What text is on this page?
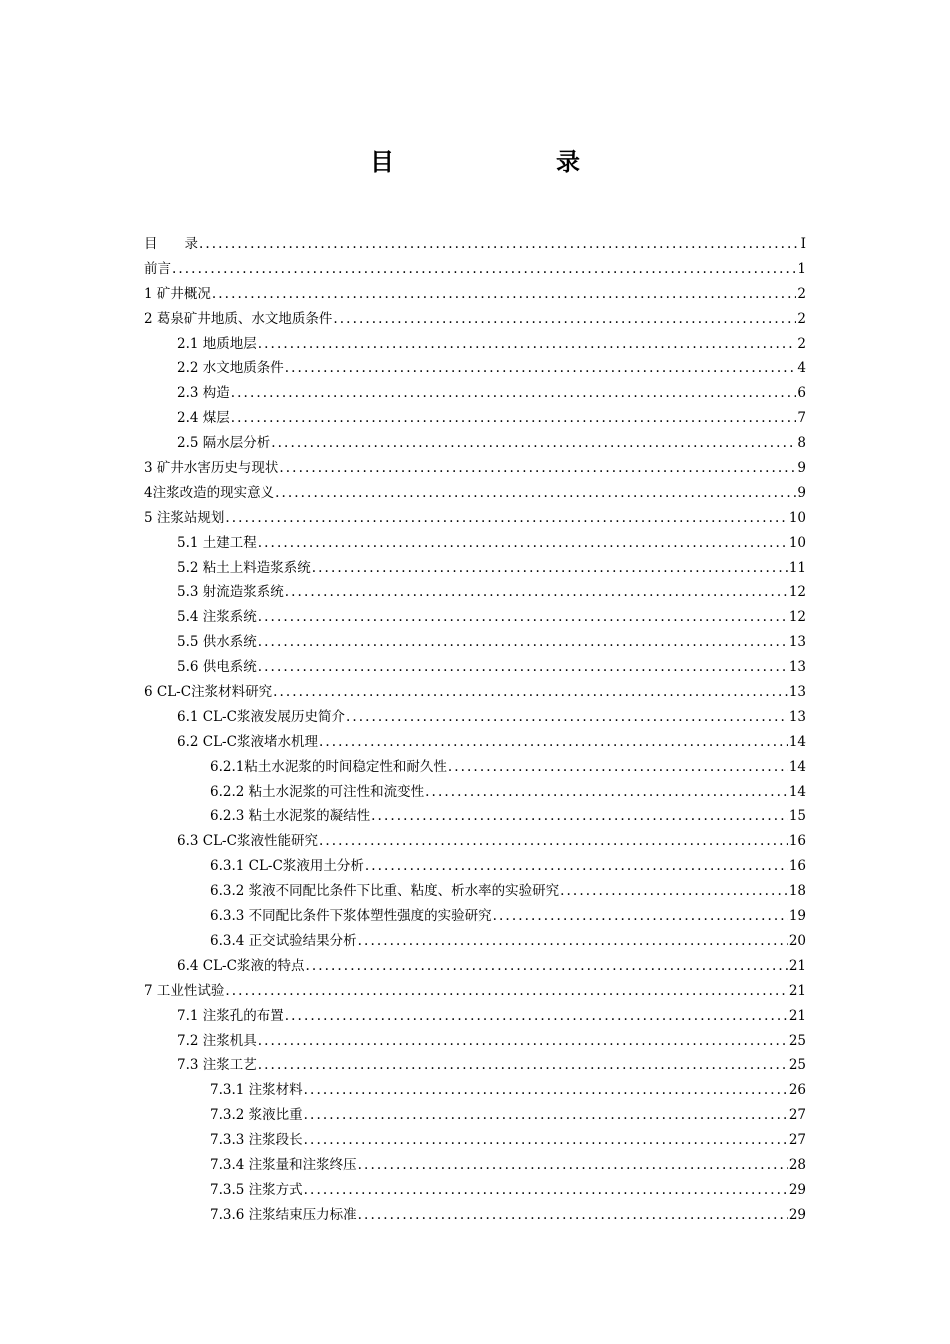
目　　录
目　　录 .....	I
前言 .....	1
1 矿井概况 .....	2
2 葛泉矿井地质、水文地质条件 .....	2
2.1 地质地层 .....	2
2.2 水文地质条件 .....	4
2.3 构造 .....	6
2.4 煤层 .....	7
2.5 隔水层分析 .....	8
3 矿井水害历史与现状 .....	9
4注浆改造的现实意义 .....	9
5 注浆站规划 .....	10
5.1 土建工程 .....	10
5.2 粘土上料造浆系统 .....	11
5.3 射流造浆系统 .....	12
5.4 注浆系统 .....	12
5.5 供水系统 .....	13
5.6 供电系统 .....	13
6 CL-C注浆材料研究 .....	13
6.1 CL-C浆液发展历史简介 .....	13
6.2 CL-C浆液堵水机理 .....	14
6.2.1粘土水泥浆的时间稳定性和耐久性 .....	14
6.2.2 粘土水泥浆的可注性和流变性 .....	14
6.2.3 粘土水泥浆的凝结性 .....	15
6.3 CL-C浆液性能研究 .....	16
6.3.1 CL-C浆液用土分析 .....	16
6.3.2 浆液不同配比条件下比重、粘度、析水率的实验研究 .....	18
6.3.3 不同配比条件下浆体塑性强度的实验研究 .....	19
6.3.4 正交试验结果分析 .....	20
6.4 CL-C浆液的特点 .....	21
7 工业性试验 .....	21
7.1 注浆孔的布置 .....	21
7.2 注浆机具 .....	25
7.3 注浆工艺 .....	25
7.3.1 注浆材料 .....	26
7.3.2 浆液比重 .....	27
7.3.3 注浆段长 .....	27
7.3.4 注浆量和注浆终压 .....	28
7.3.5 注浆方式 .....	29
7.3.6 注浆结束压力标准 .....	29
